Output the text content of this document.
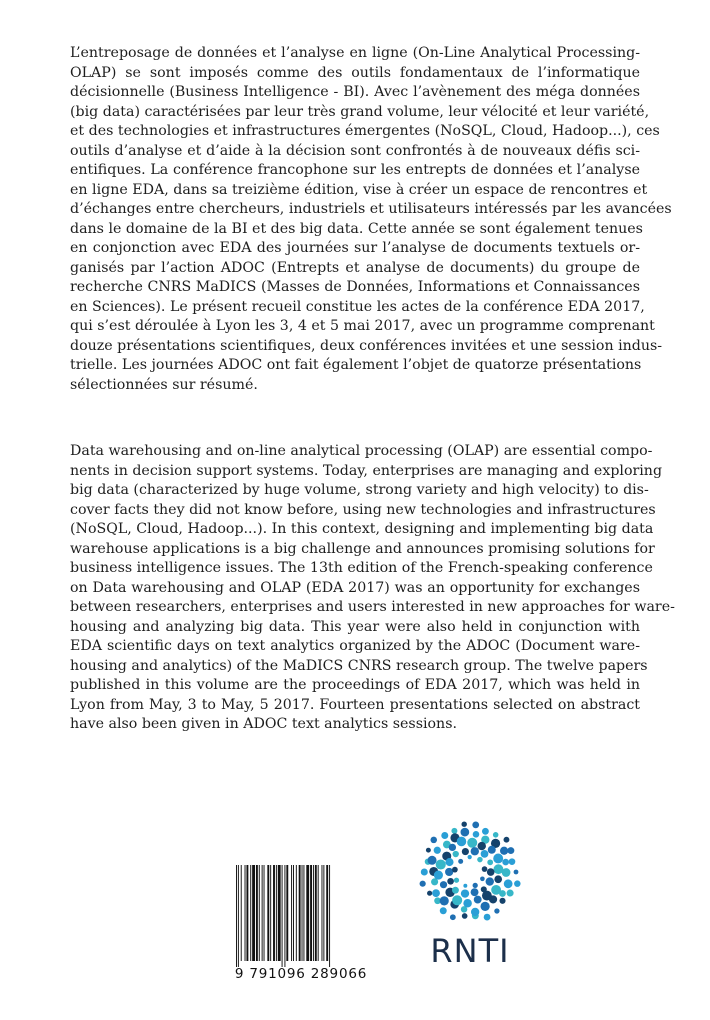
L’entreposage de données et l’analyse en ligne (On-Line Analytical Processing-
OLAP) se sont imposés comme des outils fondamentaux de l’informatique
décisionnelle (Business Intelligence - BI). Avec l’avènement des méga données
(big data) caractérisées par leur très grand volume, leur vélocité et leur variété,
et des technologies et infrastructures émergentes (NoSQL, Cloud, Hadoop...), ces
outils d’analyse et d’aide à la décision sont confrontés à de nouveaux défis sci-
entifiques. La conférence francophone sur les entrepts de données et l’analyse
en ligne EDA, dans sa treizième édition, vise à créer un espace de rencontres et
d’échanges entre chercheurs, industriels et utilisateurs intéressés par les avancées
dans le domaine de la BI et des big data. Cette année se sont également tenues
en conjonction avec EDA des journées sur l’analyse de documents textuels or-
ganisés par l’action ADOC (Entrepts et analyse de documents) du groupe de
recherche CNRS MaDICS (Masses de Données, Informations et Connaissances
en Sciences). Le présent recueil constitue les actes de la conférence EDA 2017,
qui s’est déroulée à Lyon les 3, 4 et 5 mai 2017, avec un programme comprenant
douze présentations scientifiques, deux conférences invitées et une session indus-
trielle. Les journées ADOC ont fait également l’objet de quatorze présentations
sélectionnées sur résumé.
Data warehousing and on-line analytical processing (OLAP) are essential compo-
nents in decision support systems. Today, enterprises are managing and exploring
big data (characterized by huge volume, strong variety and high velocity) to dis-
cover facts they did not know before, using new technologies and infrastructures
(NoSQL, Cloud, Hadoop...). In this context, designing and implementing big data
warehouse applications is a big challenge and announces promising solutions for
business intelligence issues. The 13th edition of the French-speaking conference
on Data warehousing and OLAP (EDA 2017) was an opportunity for exchanges
between researchers, enterprises and users interested in new approaches for ware-
housing and analyzing big data. This year were also held in conjunction with
EDA scientific days on text analytics organized by the ADOC (Document ware-
housing and analytics) of the MaDICS CNRS research group. The twelve papers
published in this volume are the proceedings of EDA 2017, which was held in
Lyon from May, 3 to May, 5 2017. Fourteen presentations selected on abstract
have also been given in ADOC text analytics sessions.
9 791096 289066
RNTI
